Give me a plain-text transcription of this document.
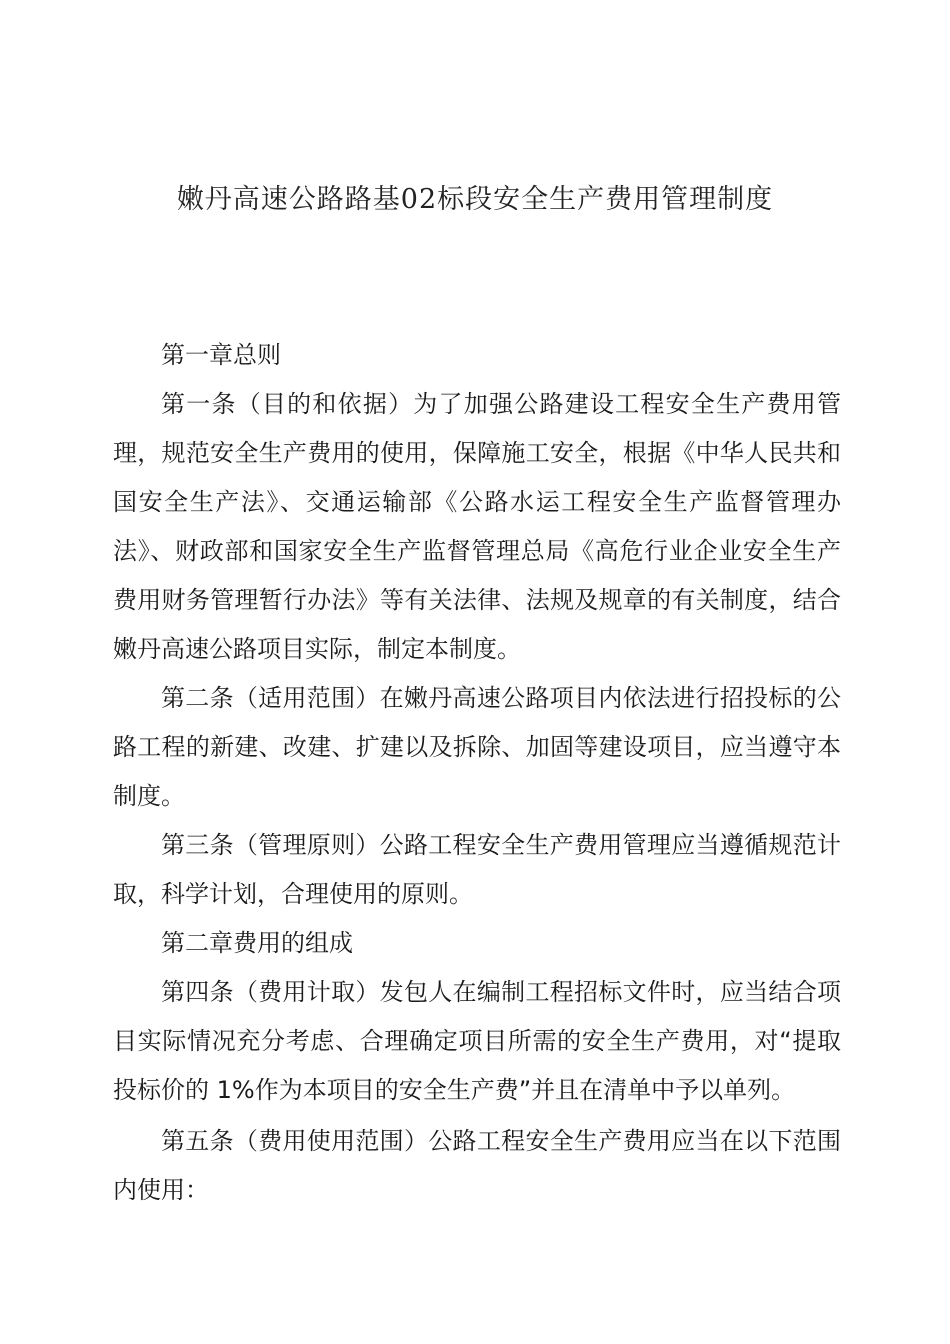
嫩丹高速公路路基02标段安全生产费用管理制度

第一章总则

第一条（目的和依据）为了加强公路建设工程安全生产费用管理，规范安全生产费用的使用，保障施工安全，根据《中华人民共和国安全生产法》、交通运输部《公路水运工程安全生产监督管理办法》、财政部和国家安全生产监督管理总局《高危行业企业安全生产费用财务管理暂行办法》等有关法律、法规及规章的有关制度，结合嫩丹高速公路项目实际，制定本制度。

第二条（适用范围）在嫩丹高速公路项目内依法进行招投标的公路工程的新建、改建、扩建以及拆除、加固等建设项目，应当遵守本制度。

第三条（管理原则）公路工程安全生产费用管理应当遵循规范计取，科学计划，合理使用的原则。

第二章费用的组成

第四条（费用计取）发包人在编制工程招标文件时，应当结合项目实际情况充分考虑、合理确定项目所需的安全生产费用，对“提取投标价的 1%作为本项目的安全生产费”并且在清单中予以单列。

第五条（费用使用范围）公路工程安全生产费用应当在以下范围内使用：
